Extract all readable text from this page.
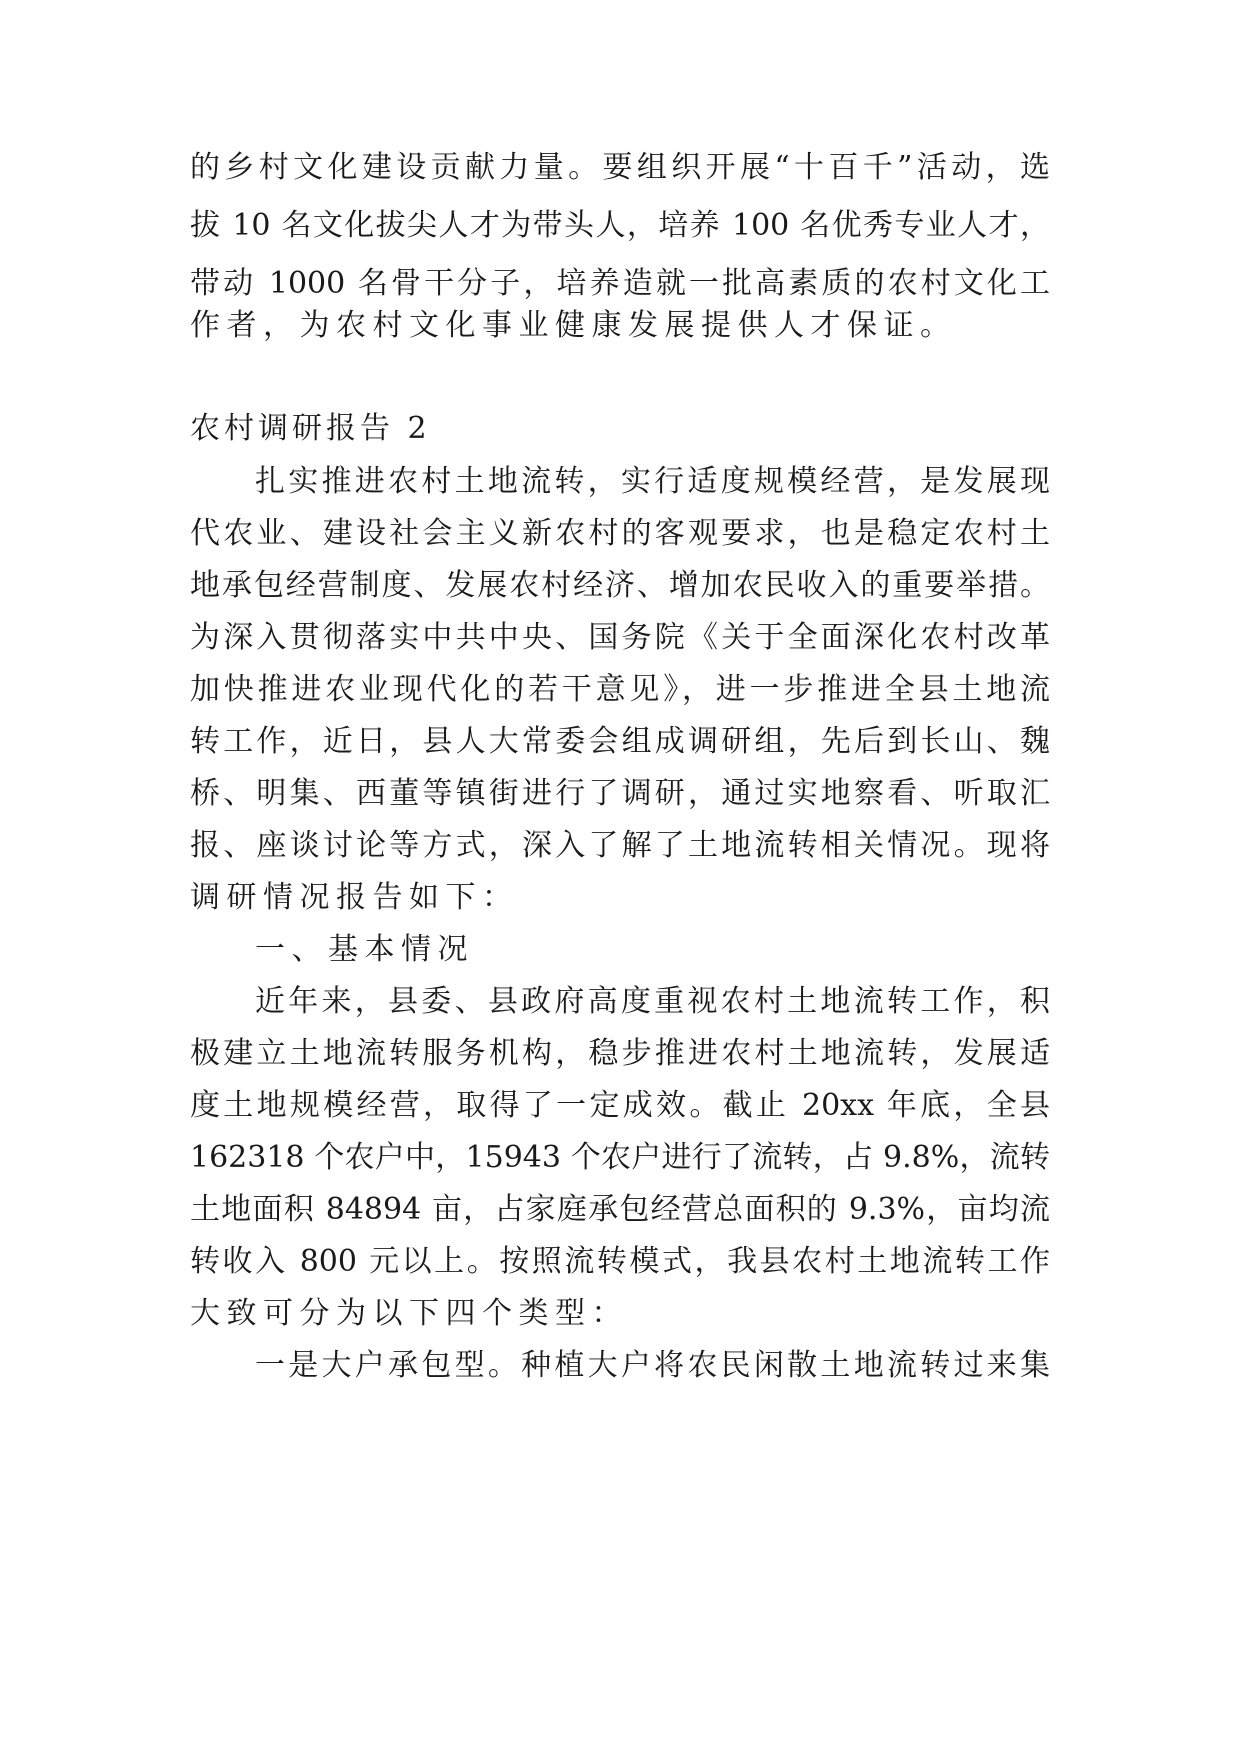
的乡村文化建设贡献力量。要组织开展“十百千”活动，选
拔 10 名文化拔尖人才为带头人，培养 100 名优秀专业人才，
带动 1000 名骨干分子，培养造就一批高素质的农村文化工
作者，为农村文化事业健康发展提供人才保证。
农村调研报告 2
扎实推进农村土地流转，实行适度规模经营，是发展现
代农业、建设社会主义新农村的客观要求，也是稳定农村土
地承包经营制度、发展农村经济、增加农民收入的重要举措。
为深入贯彻落实中共中央、国务院《关于全面深化农村改革
加快推进农业现代化的若干意见》，进一步推进全县土地流
转工作，近日，县人大常委会组成调研组，先后到长山、魏
桥、明集、西董等镇街进行了调研，通过实地察看、听取汇
报、座谈讨论等方式，深入了解了土地流转相关情况。现将
调研情况报告如下：
一、基本情况
近年来，县委、县政府高度重视农村土地流转工作，积
极建立土地流转服务机构，稳步推进农村土地流转，发展适
度土地规模经营，取得了一定成效。截止 20xx 年底，全县
162318 个农户中，15943 个农户进行了流转，占 9.8%，流转
土地面积 84894 亩，占家庭承包经营总面积的 9.3%，亩均流
转收入 800 元以上。按照流转模式，我县农村土地流转工作
大致可分为以下四个类型：
一是大户承包型。种植大户将农民闲散土地流转过来集
